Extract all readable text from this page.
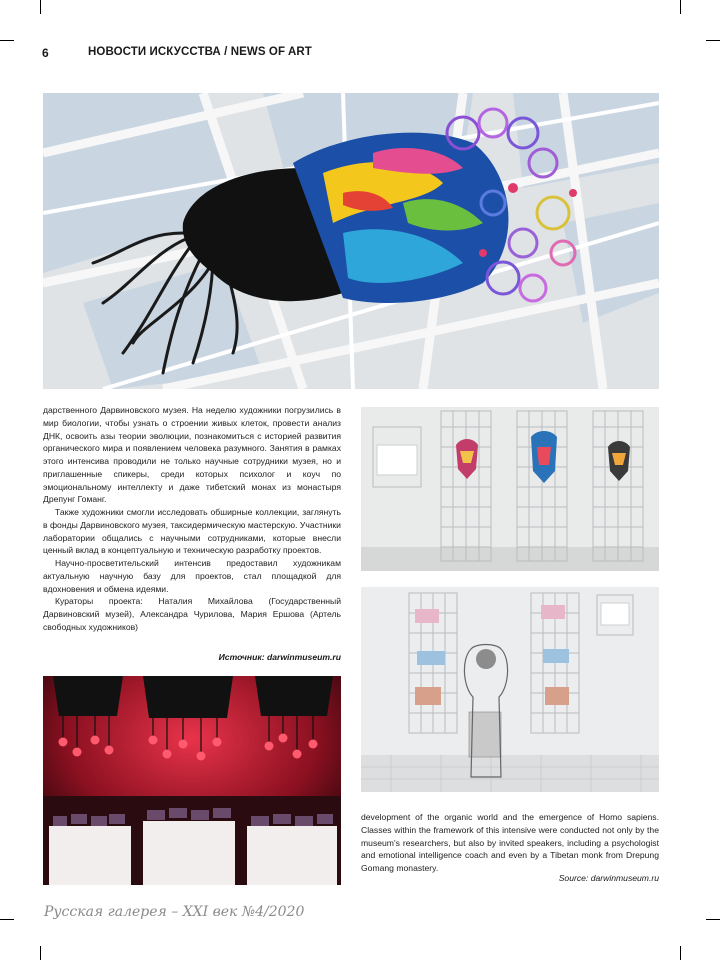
6	НОВОСТИ ИСКУССТВА / NEWS OF ART

дарственного Дарвиновского музея. На неделю художники погрузились в мир биологии, чтобы узнать о строении живых клеток, провести анализ ДНК, освоить азы теории эволюции, познакомиться с историей развития органического мира и появлением человека разумного. Занятия в рамках этого интенсива проводили не только научные сотрудники музея, но и приглашенные спикеры, среди которых психолог и коуч по эмоциональному интеллекту и даже тибетский монах из монастыря Дрепунг Гоманг.

Также художники смогли исследовать обширные коллекции, заглянуть в фонды Дарвиновского музея, таксидермическую мастерскую. Участники лаборатории общались с научными сотрудниками, которые внесли ценный вклад в концептуальную и техническую разработку проектов.

Научно-просветительский интенсив предоставил художникам актуальную научную базу для проектов, стал площадкой для вдохновения и обмена идеями.

Кураторы проекта: Наталия Михайлова (Государственный Дарвиновский музей), Александра Чурилова, Мария Ершова (Артель свободных художников)

Источник: darwinmuseum.ru

development of the organic world and the emergence of Homo sapiens. Classes within the framework of this intensive were conducted not only by the museum's researchers, but also by invited speakers, including a psychologist and emotional intelligence coach and even by a Tibetan monk from Drepung Gomang monastery.

Source: darwinmuseum.ru
Русская галерея – XXI век №4/2020
